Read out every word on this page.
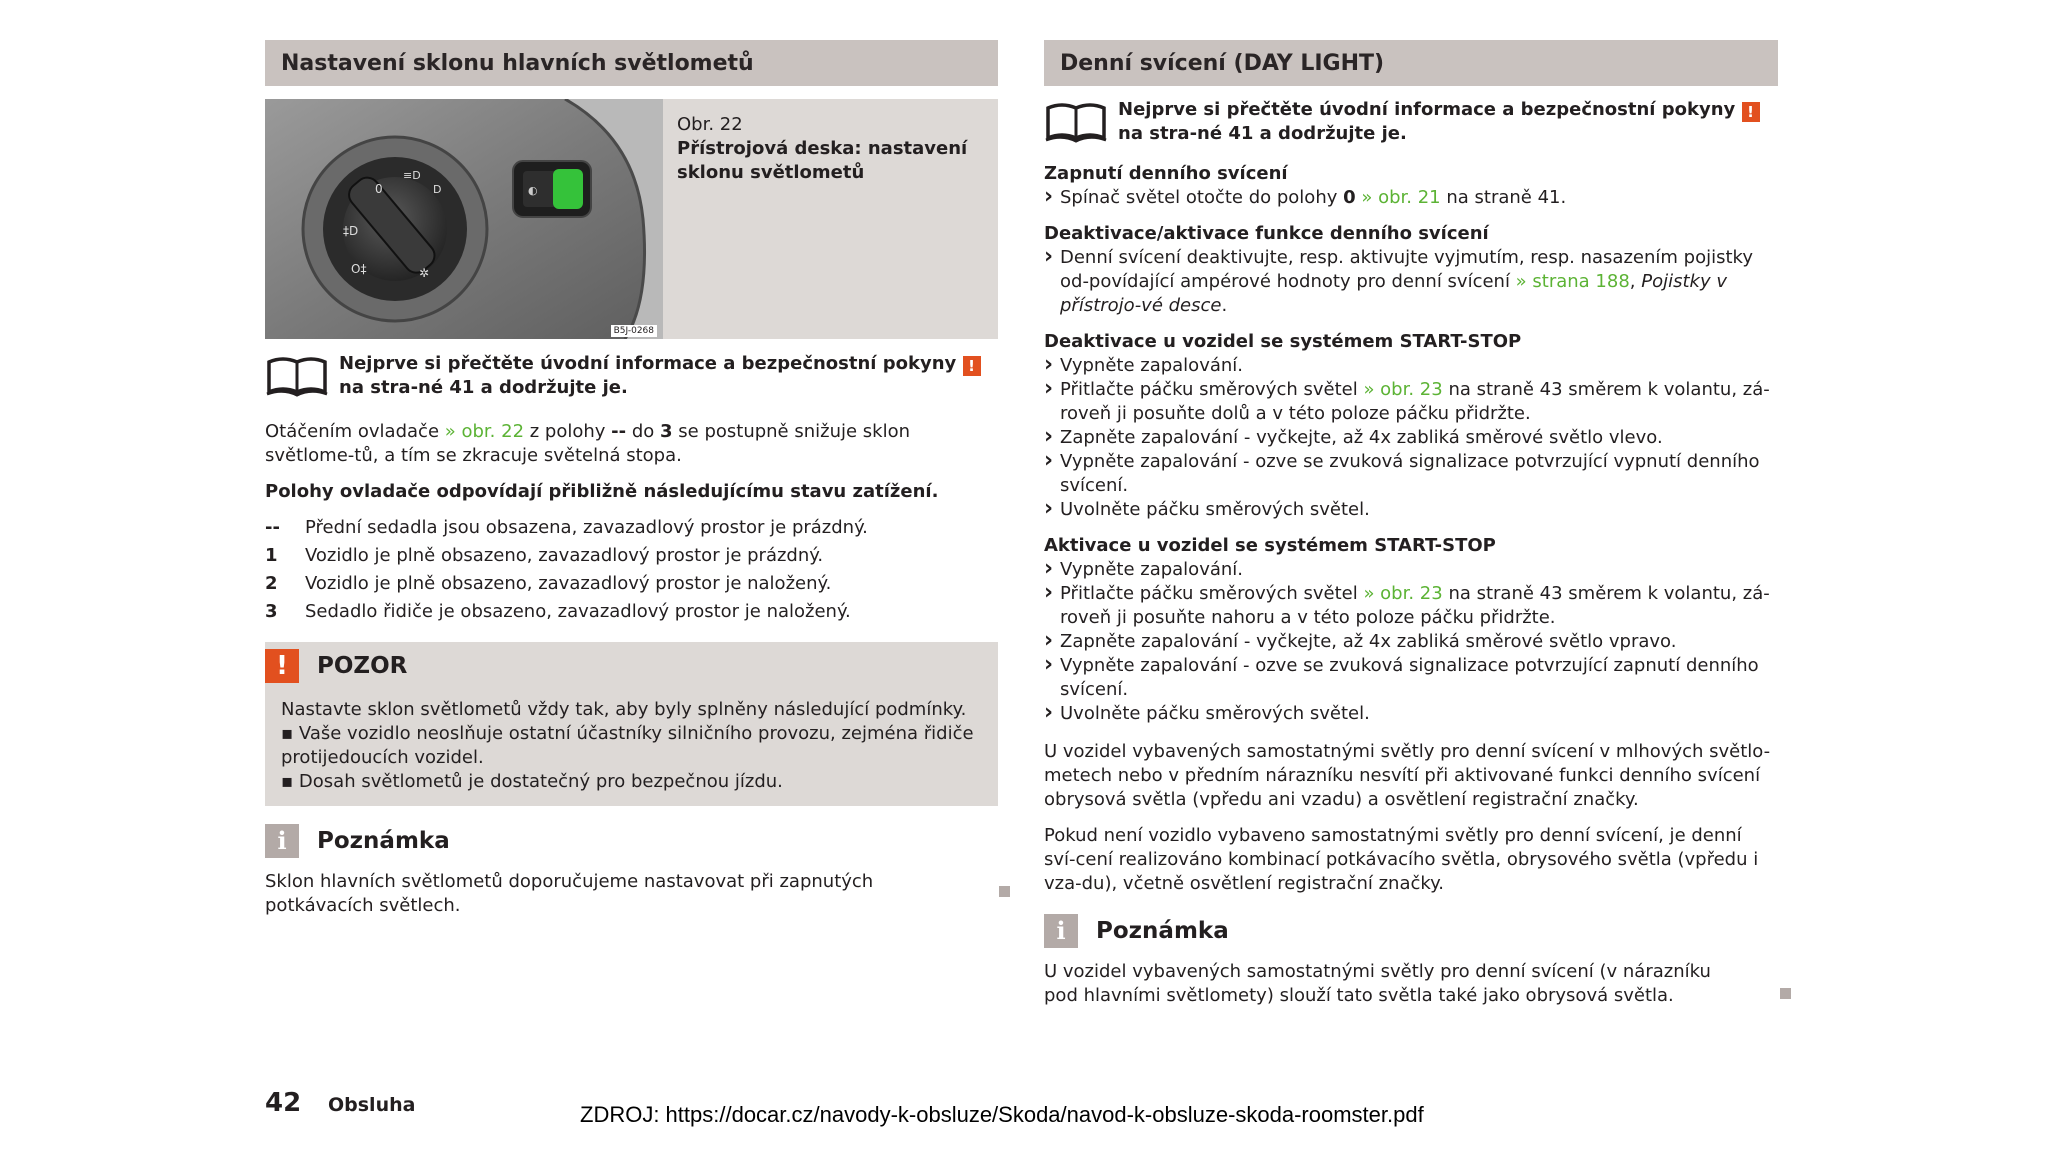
Nastavení sklonu hlavních světlometů
0
≡D
D
‡D
O‡	✲
◐
B5J-0268
Obr. 22
Přístrojová deska: nastavení sklonu světlometů

Nejprve si přečtěte úvodní informace a bezpečnostní pokyny ! na stra-né 41 a dodržujte je.

Otáčením ovladače » obr. 22 z polohy -- do 3 se postupně snižuje sklon světlome-tů, a tím se zkracuje světelná stopa.

Polohy ovladače odpovídají přibližně následujícímu stavu zatížení.

--	Přední sedadla jsou obsazena, zavazadlový prostor je prázdný.
1	Vozidlo je plně obsazeno, zavazadlový prostor je prázdný.
2	Vozidlo je plně obsazeno, zavazadlový prostor je naložený.
3	Sedadlo řidiče je obsazeno, zavazadlový prostor je naložený.
!	POZOR

Nastavte sklon světlometů vždy tak, aby byly splněny následující podmínky.

▪ Vaše vozidlo neoslňuje ostatní účastníky silničního provozu, zejména řidiče protijedoucích vozidel.

▪ Dosah světlometů je dostatečný pro bezpečnou jízdu.

i	Poznámka

Sklon hlavních světlometů doporučujeme nastavovat při zapnutých potkávacích světlech.

Denní svícení (DAY LIGHT)

Nejprve si přečtěte úvodní informace a bezpečnostní pokyny ! na stra-né 41 a dodržujte je.

Zapnutí denního svícení

› Spínač světel otočte do polohy 0 » obr. 21 na straně 41.

Deaktivace/aktivace funkce denního svícení

› Denní svícení deaktivujte, resp. aktivujte vyjmutím, resp. nasazením pojistky od-povídající ampérové hodnoty pro denní svícení » strana 188, Pojistky v přístrojo-vé desce.

Deaktivace u vozidel se systémem START-STOP

› Vypněte zapalování.
› Přitlačte páčku směrových světel » obr. 23 na straně 43 směrem k volantu, zá-roveň ji posuňte dolů a v této poloze páčku přidržte.
› Zapněte zapalování - vyčkejte, až 4x zabliká směrové světlo vlevo.
› Vypněte zapalování - ozve se zvuková signalizace potvrzující vypnutí denního svícení.
› Uvolněte páčku směrových světel.

Aktivace u vozidel se systémem START-STOP

› Vypněte zapalování.
› Přitlačte páčku směrových světel » obr. 23 na straně 43 směrem k volantu, zá-roveň ji posuňte nahoru a v této poloze páčku přidržte.
› Zapněte zapalování - vyčkejte, až 4x zabliká směrové světlo vpravo.
› Vypněte zapalování - ozve se zvuková signalizace potvrzující zapnutí denního svícení.
› Uvolněte páčku směrových světel.

U vozidel vybavených samostatnými světly pro denní svícení v mlhových světlo-metech nebo v předním nárazníku nesvítí při aktivované funkci denního svícení obrysová světla (vpředu ani vzadu) a osvětlení registrační značky.

Pokud není vozidlo vybaveno samostatnými světly pro denní svícení, je denní sví-cení realizováno kombinací potkávacího světla, obrysového světla (vpředu i vza-du), včetně osvětlení registrační značky.

i	Poznámka

U vozidel vybavených samostatnými světly pro denní svícení (v nárazníku pod hlavními světlomety) slouží tato světla také jako obrysová světla.

42 Obsluha	ZDROJ: https://docar.cz/navody-k-obsluze/Skoda/navod-k-obsluze-skoda-roomster.pdf
